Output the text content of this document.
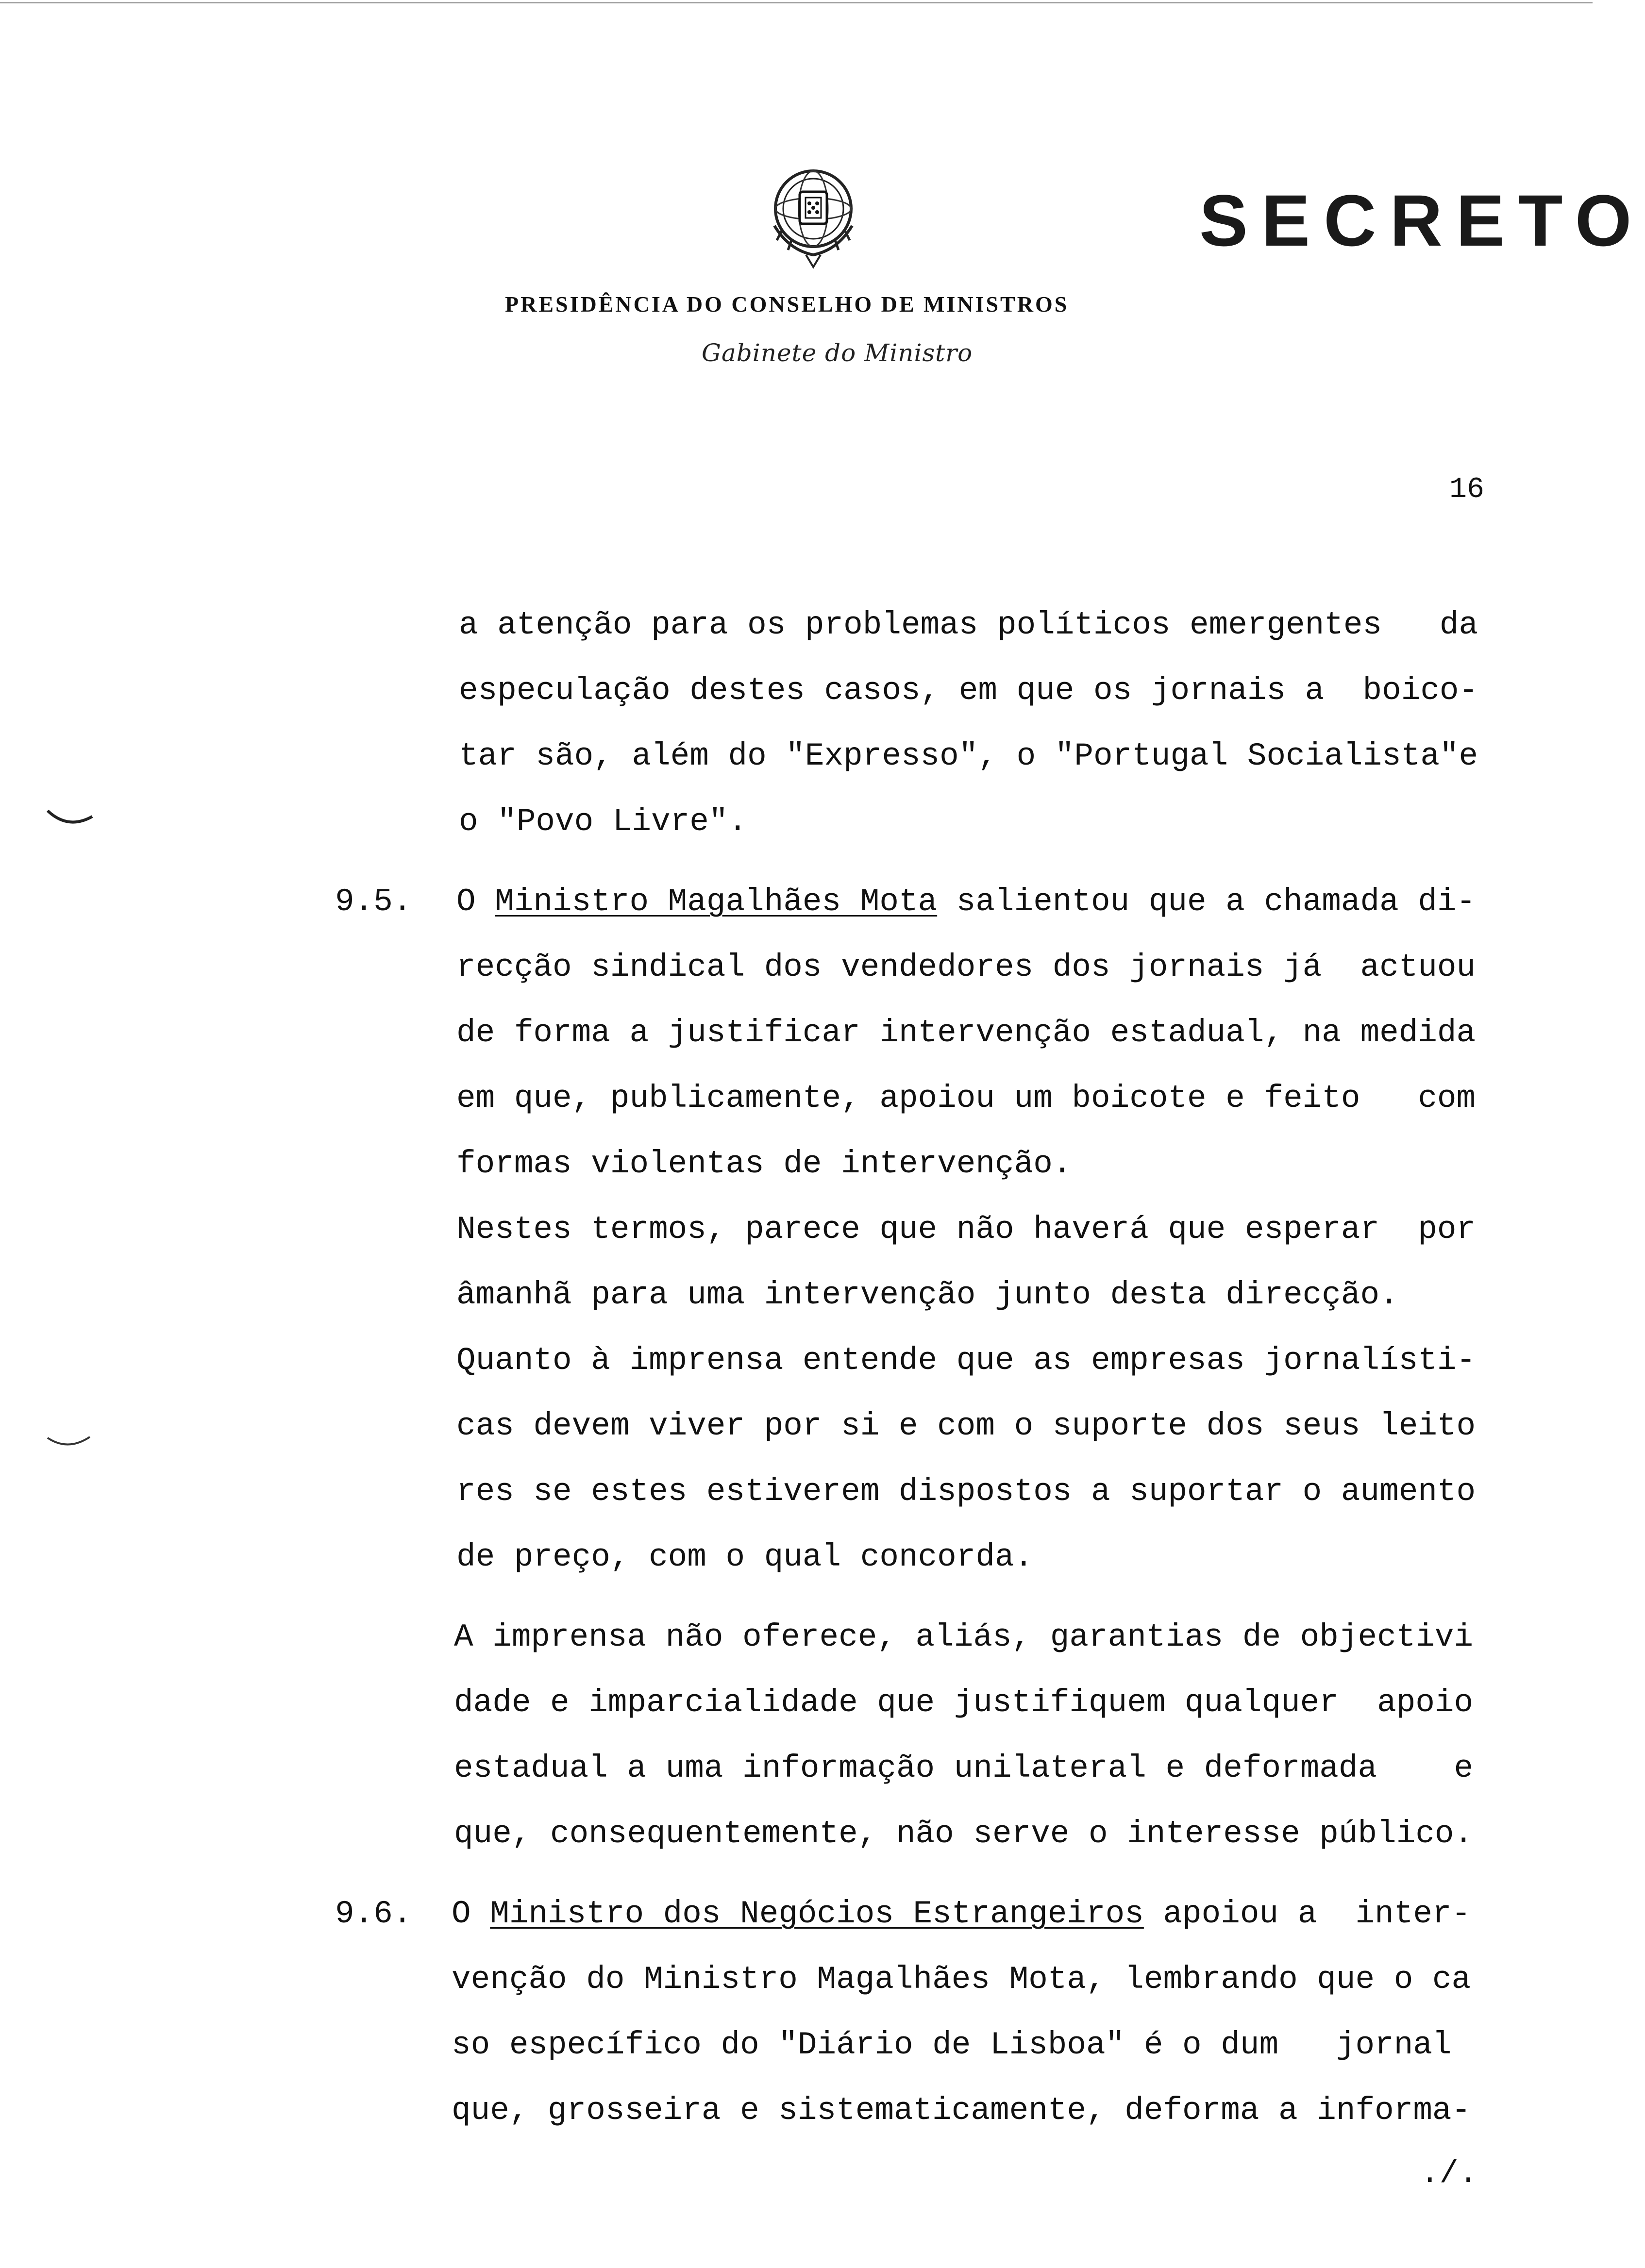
SECRETO
PRESIDÊNCIA DO CONSELHO DE MINISTROS
Gabinete do Ministro
16
a atenção para os problemas políticos emergentes   da
especulação destes casos, em que os jornais a  boico-
tar são, além do "Expresso", o "Portugal Socialista"e
o "Povo Livre".
9.5. O Ministro Magalhães Mota salientou que a chamada di-
recção sindical dos vendedores dos jornais já  actuou
de forma a justificar intervenção estadual, na medida
em que, publicamente, apoiou um boicote e feito   com
formas violentas de intervenção.
Nestes termos, parece que não haverá que esperar  por
âmanhã para uma intervenção junto desta direcção.
Quanto à imprensa entende que as empresas jornalísti-
cas devem viver por si e com o suporte dos seus leito
res se estes estiverem dispostos a suportar o aumento
de preço, com o qual concorda.
A imprensa não oferece, aliás, garantias de objectivi
dade e imparcialidade que justifiquem qualquer  apoio
estadual a uma informação unilateral e deformada    e
que, consequentemente, não serve o interesse público.
9.6. O Ministro dos Negócios Estrangeiros apoiou a  inter-
venção do Ministro Magalhães Mota, lembrando que o ca
so específico do "Diário de Lisboa" é o dum   jornal
que, grosseira e sistematicamente, deforma a informa-
./.
